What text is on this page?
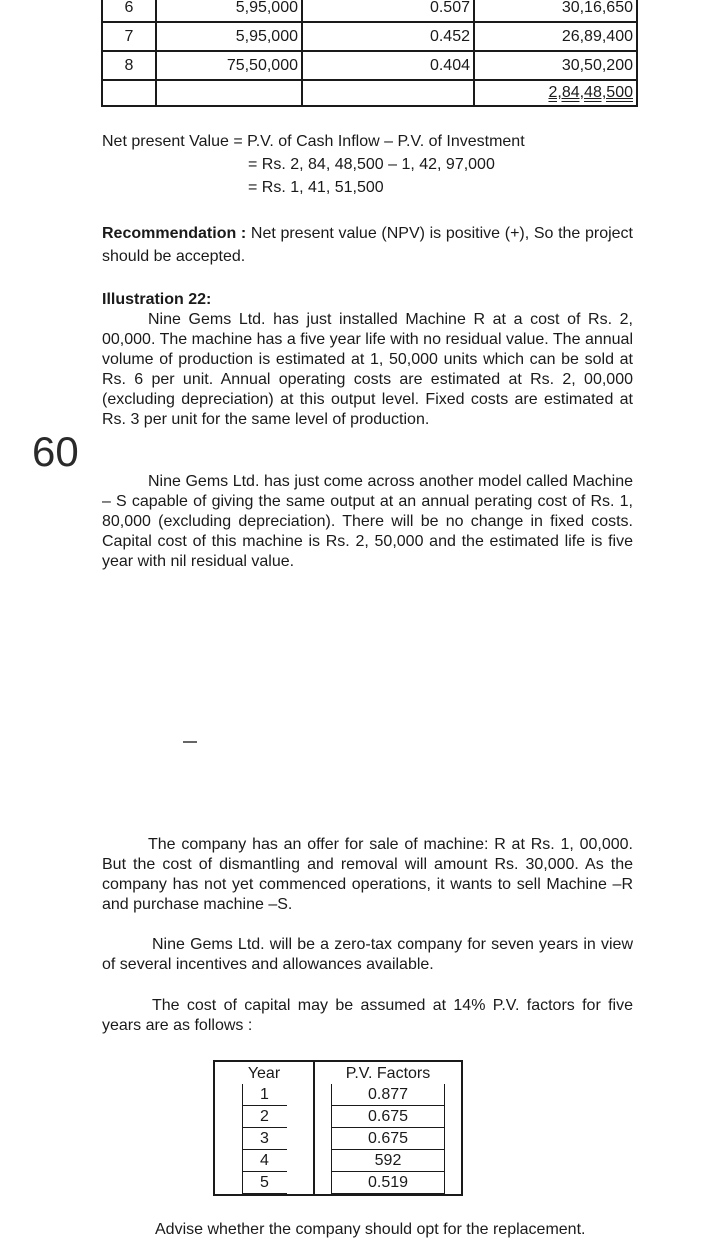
6	5,95,000	0.507	30,16,650
7	5,95,000	0.452	26,89,400
8	75,50,000	0.404	30,50,200
			2,84,48,500
Net present Value = P.V. of Cash Inflow – P.V. of Investment
= Rs. 2, 84, 48,500 – 1, 42, 97,000
= Rs. 1, 41, 51,500
Recommendation : Net present value (NPV) is positive (+), So the project should be accepted.
Illustration 22:
Nine Gems Ltd. has just installed Machine R at a cost of Rs. 2, 00,000. The machine has a five year life with no residual value. The annual volume of production is estimated at 1, 50,000 units which can be sold at Rs. 6 per unit. Annual operating costs are estimated at Rs. 2, 00,000 (excluding depreciation) at this output level. Fixed costs are estimated at Rs. 3 per unit for the same level of production.
60
Nine Gems Ltd. has just come across another model called Machine – S capable of giving the same output at an annual perating cost of Rs. 1, 80,000 (excluding depreciation). There will be no change in fixed costs. Capital cost of this machine is Rs. 2, 50,000 and the estimated life is five year with nil residual value.
The company has an offer for sale of machine: R at Rs. 1, 00,000. But the cost of dismantling and removal will amount Rs. 30,000. As the company has not yet commenced operations, it wants to sell Machine –R and purchase machine –S.
Nine Gems Ltd. will be a zero-tax company for seven years in view of several incentives and allowances available.
The cost of capital may be assumed at 14% P.V. factors for five years are as follows :
Year	P.V. Factors
1	0.877
2	0.675
3	0.675
4	592
5	0.519
Advise whether the company should opt for the replacement.
